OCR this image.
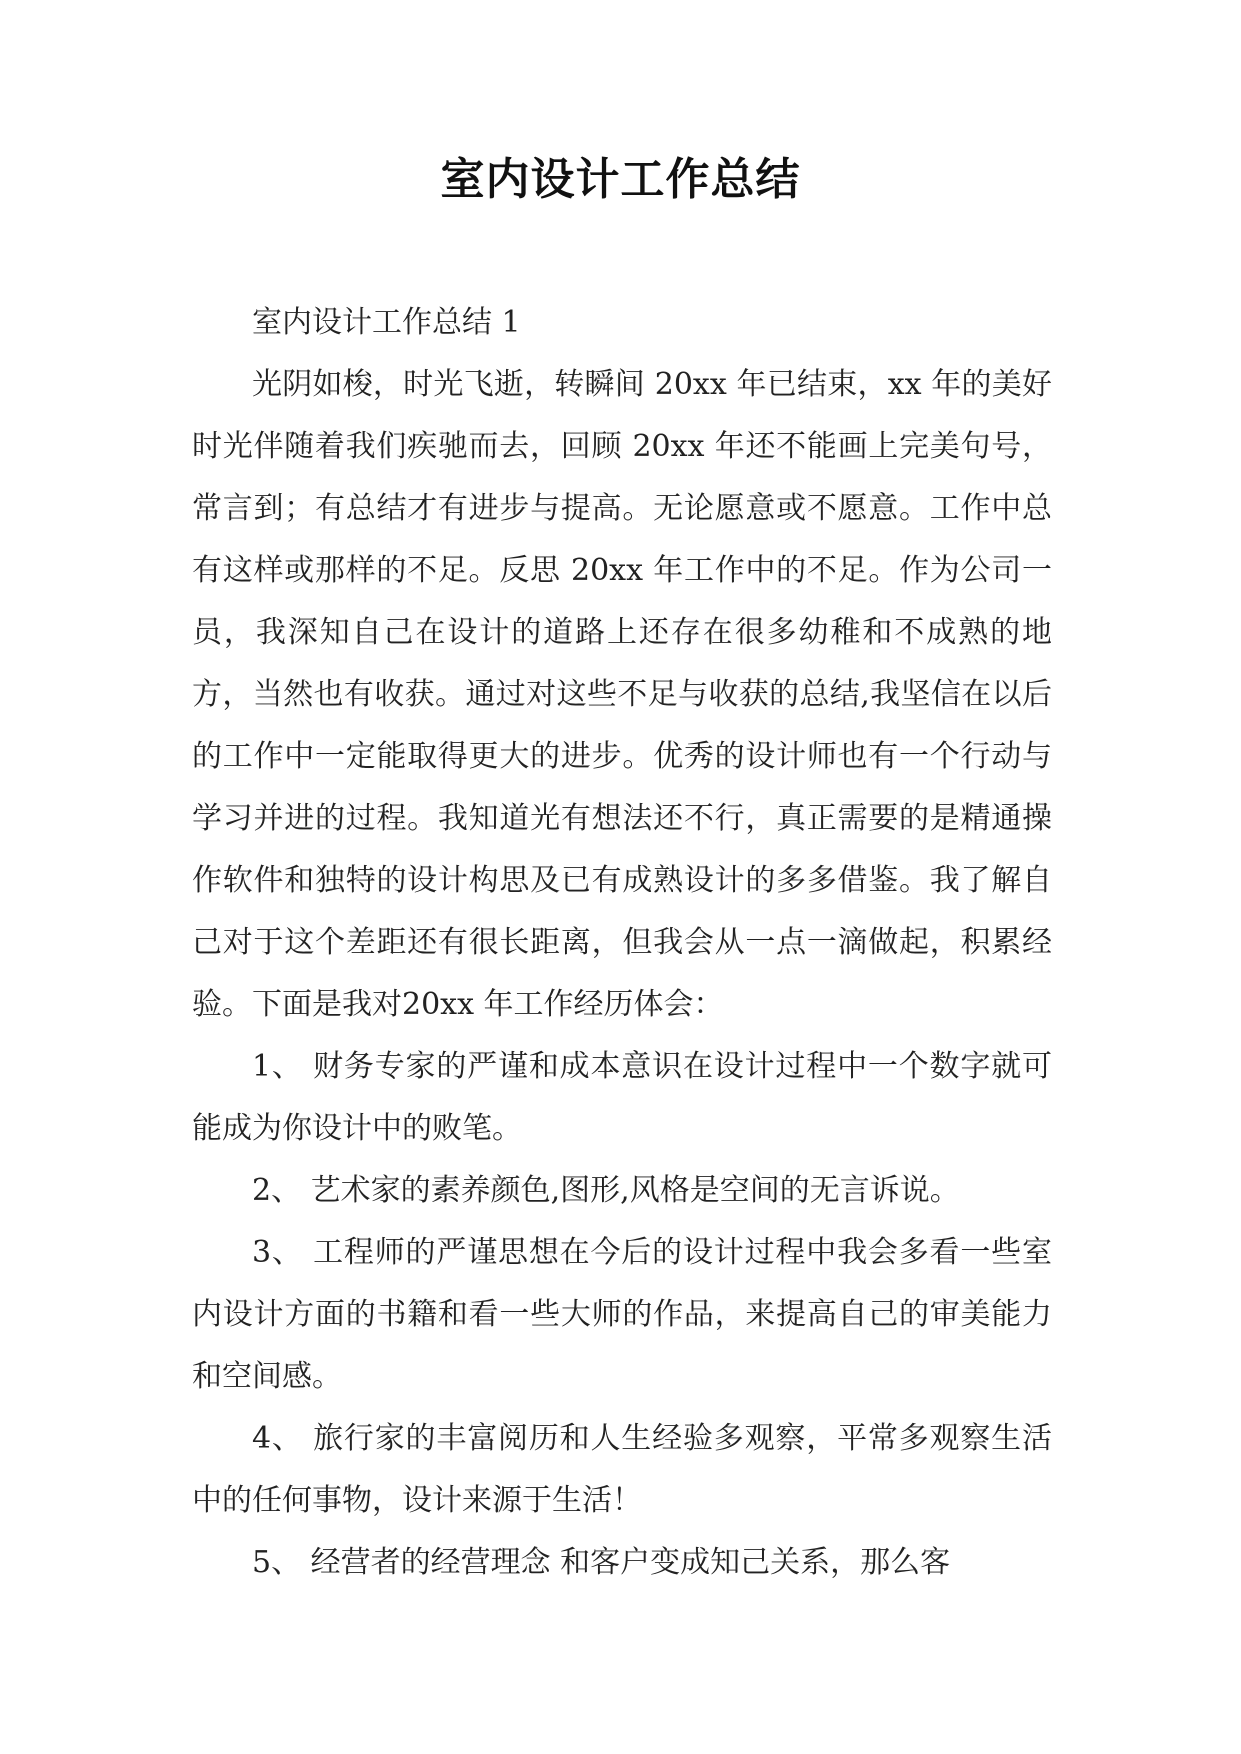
室内设计工作总结

室内设计工作总结 1

光阴如梭，时光飞逝，转瞬间 20xx 年已结束，xx 年的美好时光伴随着我们疾驰而去，回顾 20xx 年还不能画上完美句号，常言到；有总结才有进步与提高。无论愿意或不愿意。工作中总有这样或那样的不足。反思 20xx 年工作中的不足。作为公司一员，我深知自己在设计的道路上还存在很多幼稚和不成熟的地方，当然也有收获。通过对这些不足与收获的总结,我坚信在以后的工作中一定能取得更大的进步。优秀的设计师也有一个行动与学习并进的过程。我知道光有想法还不行，真正需要的是精通操作软件和独特的设计构思及已有成熟设计的多多借鉴。我了解自己对于这个差距还有很长距离，但我会从一点一滴做起，积累经验。下面是我对20xx 年工作经历体会：

1、 财务专家的严谨和成本意识在设计过程中一个数字就可能成为你设计中的败笔。

2、 艺术家的素养颜色,图形,风格是空间的无言诉说。

3、 工程师的严谨思想在今后的设计过程中我会多看一些室内设计方面的书籍和看一些大师的作品，来提高自己的审美能力和空间感。

4、 旅行家的丰富阅历和人生经验多观察，平常多观察生活中的任何事物，设计来源于生活！

5、 经营者的经营理念 和客户变成知己关系，那么客
